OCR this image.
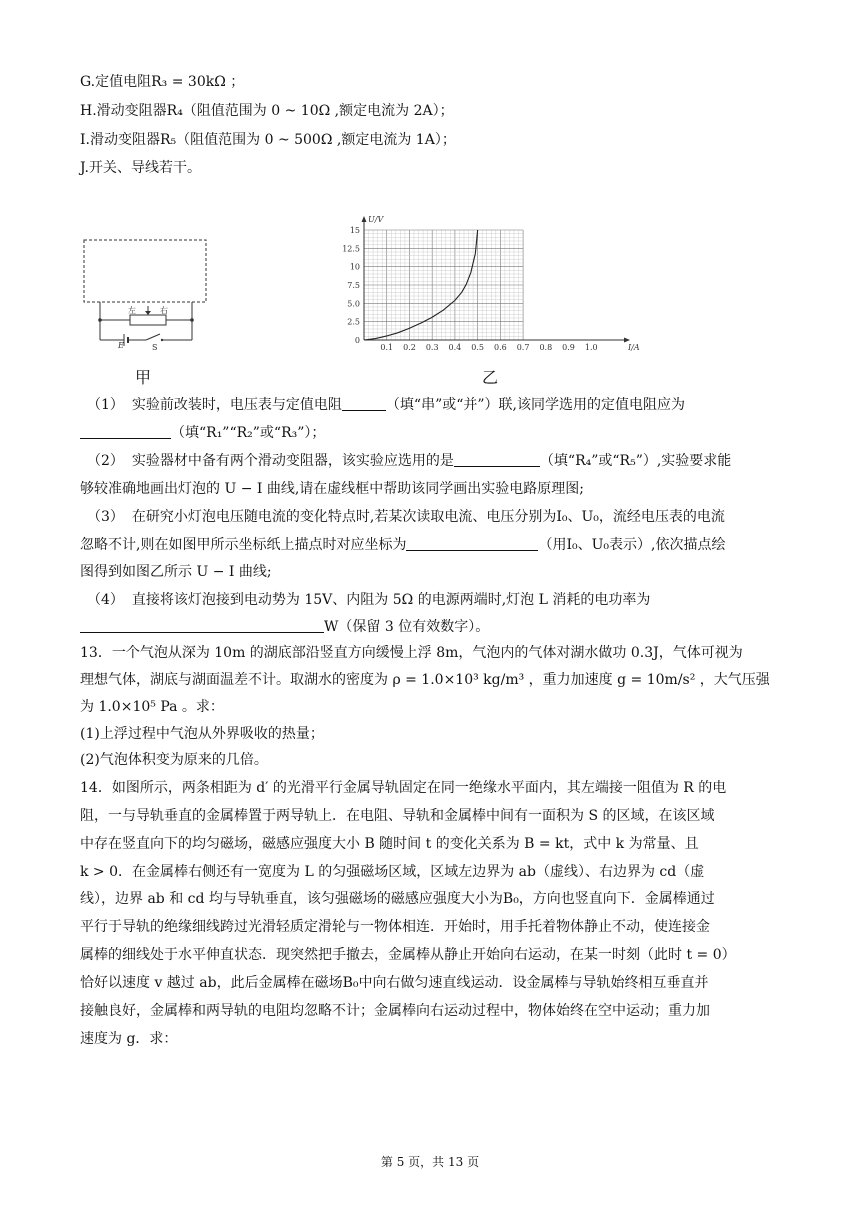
G.定值电阻R₃ = 30kΩ ；
H.滑动变阻器R₄（阻值范围为 0 ~ 10Ω ,额定电流为 2A）；
I.滑动变阻器R₅（阻值范围为 0 ~ 500Ω ,额定电流为 1A）；
J.开关、导线若干。
左	右
E	S
甲
I/A
U/V
0.1 0.2 0.3 0.4 0.5 0.6 0.7 0.8 0.9 1.0
0
2.5
5.0
7.5
10
12.5
15
乙
（1） 实验前改装时，电压表与定值电阻	（填“串”或“并”）联,该同学选用的定值电阻应为
（填“R₁”“R₂”或“R₃”）；
（2） 实验器材中备有两个滑动变阻器，该实验应选用的是	（填“R₄”或“R₅”）,实验要求能
够较准确地画出灯泡的 U − I 曲线,请在虚线框中帮助该同学画出实验电路原理图;
（3） 在研究小灯泡电压随电流的变化特点时,若某次读取电流、电压分别为I₀、U₀，流经电压表的电流
忽略不计,则在如图甲所示坐标纸上描点时对应坐标为	（用I₀、U₀表示）,依次描点绘
图得到如图乙所示 U − I 曲线;
（4） 直接将该灯泡接到电动势为 15V、内阻为 5Ω 的电源两端时,灯泡 L 消耗的电功率为
W（保留 3 位有效数字）。
13．一个气泡从深为 10m 的湖底部沿竖直方向缓慢上浮 8m，气泡内的气体对湖水做功 0.3J，气体可视为
理想气体，湖底与湖面温差不计。取湖水的密度为 ρ = 1.0×10³ kg/m³ ，重力加速度 g = 10m/s² ，大气压强
为 1.0×10⁵ Pa 。求：
(1)上浮过程中气泡从外界吸收的热量；
(2)气泡体积变为原来的几倍。
14．如图所示，两条相距为 d′ 的光滑平行金属导轨固定在同一绝缘水平面内，其左端接一阻值为 R 的电
阻，一与导轨垂直的金属棒置于两导轨上．在电阻、导轨和金属棒中间有一面积为 S 的区域，在该区域
中存在竖直向下的均匀磁场，磁感应强度大小 B 随时间 t 的变化关系为 B = kt，式中 k 为常量、且
k > 0．在金属棒右侧还有一宽度为 L 的匀强磁场区域，区域左边界为 ab（虚线）、右边界为 cd（虚
线），边界 ab 和 cd 均与导轨垂直，该匀强磁场的磁感应强度大小为B₀，方向也竖直向下．金属棒通过
平行于导轨的绝缘细线跨过光滑轻质定滑轮与一物体相连．开始时，用手托着物体静止不动，使连接金
属棒的细线处于水平伸直状态．现突然把手撤去，金属棒从静止开始向右运动，在某一时刻（此时 t = 0）
恰好以速度 v 越过 ab，此后金属棒在磁场B₀中向右做匀速直线运动．设金属棒与导轨始终相互垂直并
接触良好，金属棒和两导轨的电阻均忽略不计；金属棒向右运动过程中，物体始终在空中运动；重力加
速度为 g．求：
第 5 页，共 13 页
